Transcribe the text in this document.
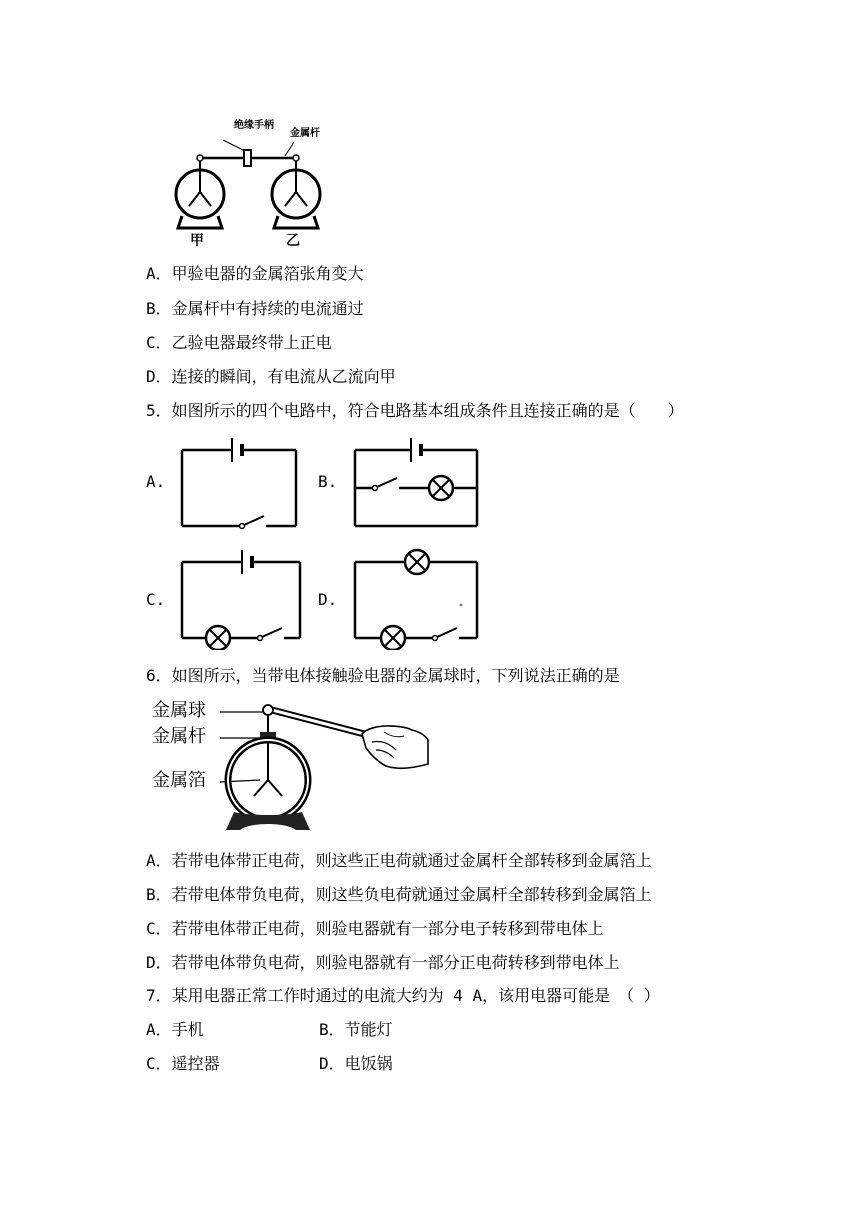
绝缘手柄
金属杆
甲	乙
A．甲验电器的金属箔张角变大
B．金属杆中有持续的电流通过
C．乙验电器最终带上正电
D．连接的瞬间，有电流从乙流向甲
5．如图所示的四个电路中，符合电路基本组成条件且连接正确的是（　　）
A.	B.
C.	D.
6．如图所示，当带电体接触验电器的金属球时，下列说法正确的是
金属球
金属杆
金属箔
A．若带电体带正电荷，则这些正电荷就通过金属杆全部转移到金属箔上
B．若带电体带负电荷，则这些负电荷就通过金属杆全部转移到金属箔上
C．若带电体带正电荷，则验电器就有一部分电子转移到带电体上
D．若带电体带负电荷，则验电器就有一部分正电荷转移到带电体上
7．某用电器正常工作时通过的电流大约为 4 A，该用电器可能是　（ ）
A．手机	B．节能灯
C．遥控器	D．电饭锅
